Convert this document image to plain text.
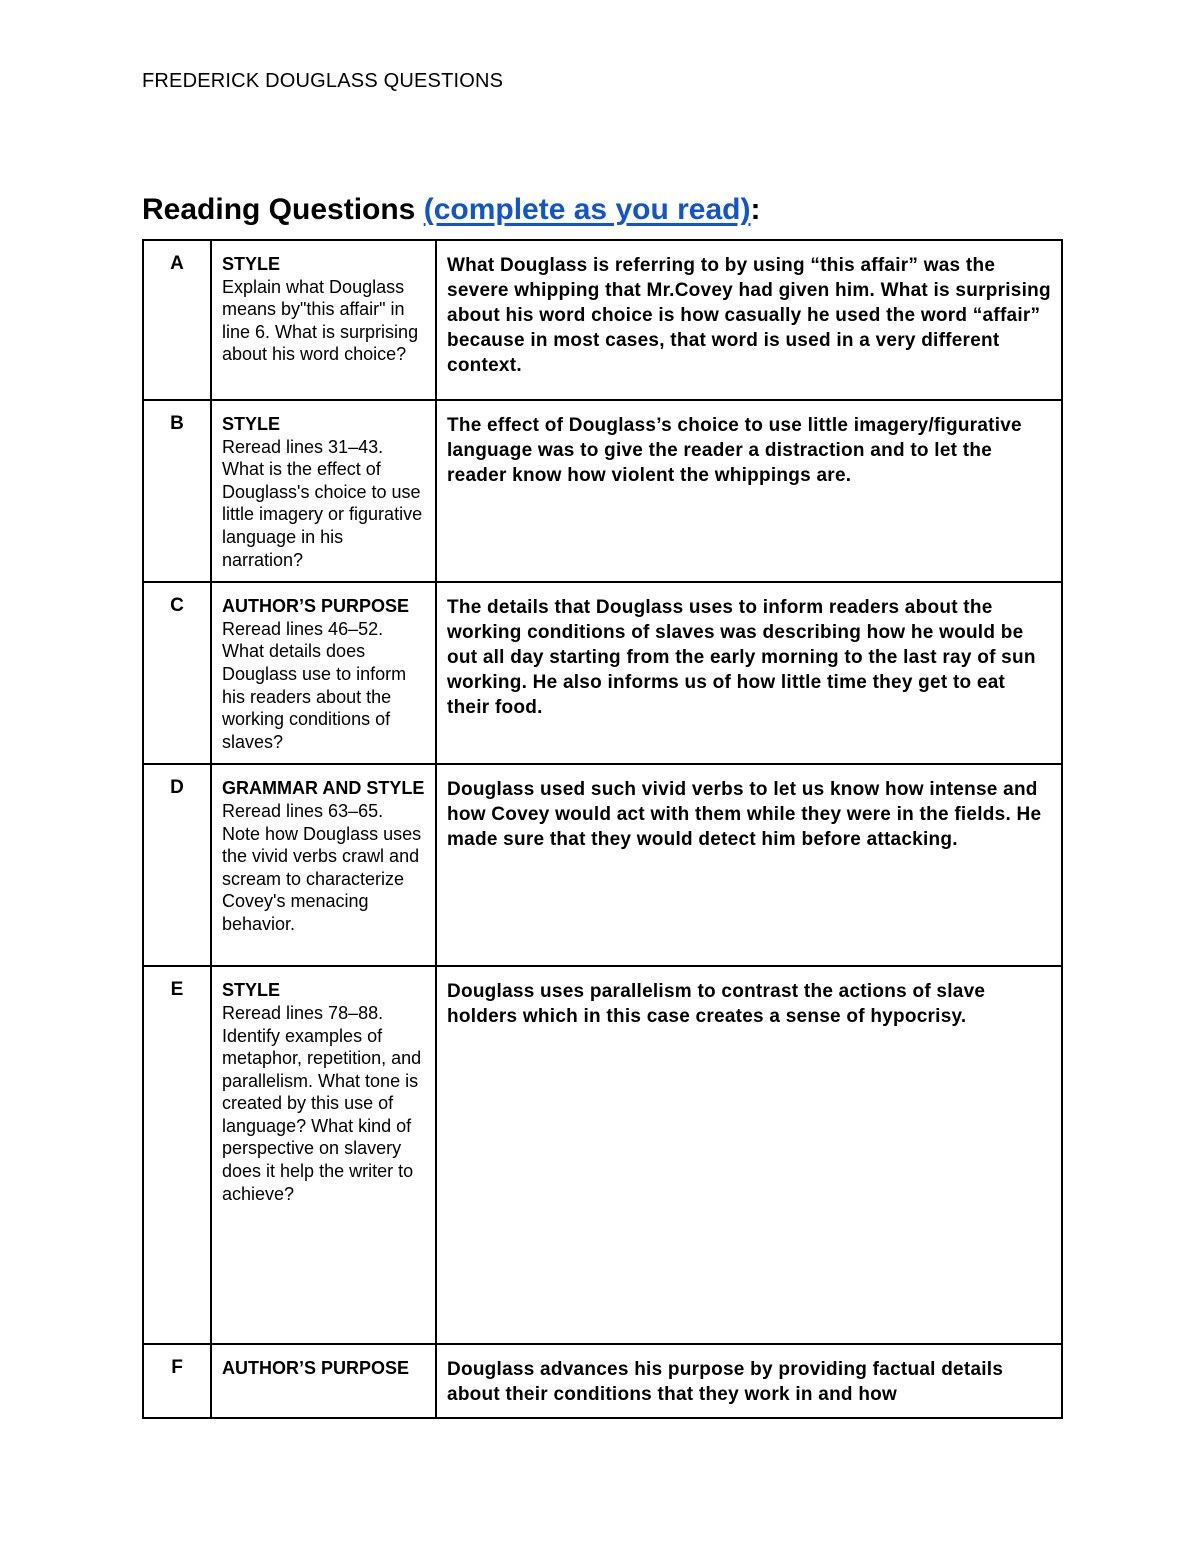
FREDERICK DOUGLASS QUESTIONS
Reading Questions (complete as you read):
A	STYLE
Explain what Douglass means by"this affair" in line 6. What is surprising about his word choice?	What Douglass is referring to by using “this affair” was the severe whipping that Mr.Covey had given him. What is surprising about his word choice is how casually he used the word “affair” because in most cases, that word is used in a very different context.
B	STYLE
Reread lines 31–43. What is the effect of Douglass's choice to use little imagery or figurative language in his narration?	The effect of Douglass’s choice to use little imagery/figurative language was to give the reader a distraction and to let the reader know how violent the whippings are.
C	AUTHOR’S PURPOSE
Reread lines 46–52. What details does Douglass use to inform his readers about the working conditions of slaves?	The details that Douglass uses to inform readers about the working conditions of slaves was describing how he would be out all day starting from the early morning to the last ray of sun working. He also informs us of how little time they get to eat their food.
D	GRAMMAR AND STYLE
Reread lines 63–65. Note how Douglass uses the vivid verbs crawl and scream to characterize Covey's menacing behavior.	Douglass used such vivid verbs to let us know how intense and how Covey would act with them while they were in the fields. He made sure that they would detect him before attacking.
E	STYLE
Reread lines 78–88. Identify examples of metaphor, repetition, and parallelism. What tone is created by this use of language? What kind of perspective on slavery does it help the writer to achieve?	Douglass uses parallelism to contrast the actions of slave holders which in this case creates a sense of hypocrisy.
F	AUTHOR’S PURPOSE	Douglass advances his purpose by providing factual details about their conditions that they work in and how
